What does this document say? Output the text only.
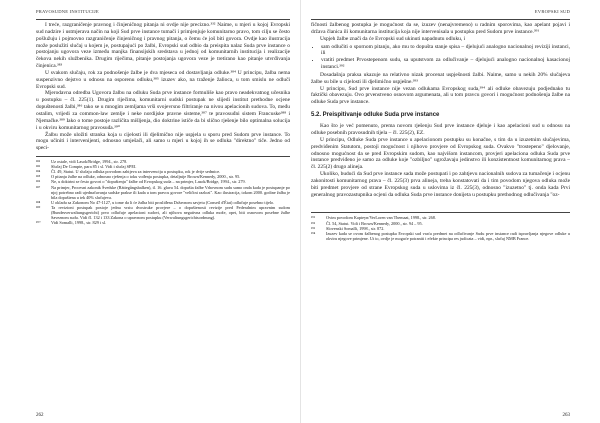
PRAVOSUDNE INSTITUCIJE

I treće, razgraničenje pravnog i činjeničnog pitanja ni ovdje nije precizno.³³² Naime, u mjeri u kojoj Evropski sud nadzire i ustmjerava način na koji Sud prve instance tumači i primjenjuje komunitarno pravo, tom cilju se često pošlužuju i pojmovno razgraničenje činjeničnog i pravnog pitanja, o čemu će još biti govora. Ovdje kao ilustracija može poslužiti slučaj u kojem je, postupajući po žalbi, Evropski sud odbio da preispita nalaz Suda prve instance o postojanju ugovora veze između manjka finansijskih sredstava u jednoj od komunitarnih institucija i realizacije čekova nekih službenika. Drugim riječima, pitanje postojanja ugovora veze je tretirano kao pitanje utvrđivanja činjenica.³⁸³

U svakom slučaju, rok za podnošenje žalbe je dva mjeseca od dostavljanja odluke.³⁸⁴ U principu, žalba nema suspenzivno dejstvo u odnosu na osporenu odluku,³⁸⁵ izuzev ako, na traženje žalioca, u tom smislu ne odluči Evropski sud.

Mjerodavna odredba Ugovora žalbu na odluku Suda prve instance formuliše kao pravo neadekvatnog učesnika u postupku – čl. 225(1). Drugim riječima, komunitarni sudski postupak ne slijedi institut prethodne ocjene dopuštenosti žalbi,³⁸⁶ tako se u mnogim zemljama vrši svojevrsno filtriranje na nivou apelacionih sudova. To, među ostalim, vrijedi za common-law zemlje i neke nordijske pravne sisteme,³⁸⁷ te pravosuđni sistem Francuske³⁸⁸ i Njemačke.³⁸⁹ Iako o tome postoje različita mišljenja, dio doktrine ističe da bi slično rješenje bilo optimalna solucija i u okviru komunitarnog pravosuđa.³⁹⁰

Žalbu može uložiti stranka koja u cijelosti ili djelimično nije uspjela u sporu pred Sudom prve instance. To mogu učiniti i intervenijenti, odnosno umješači, ali samo u mjeri u kojoj ih se odluka "direktno" tiče. Jedno od speci-

³⁸²	Uz ostale, vidi Lasok/Bridge, 1994., str. 278.
³⁸³	Slučaj De Compte, para 85 i sl. Vidi i slučaj SPEI.
³⁸⁴	Čl. 49, Statut. U slučaju odluka povodom zahtjeva za intervenciju u postupku, rok je dvije sedmice.
³⁸⁵	O pitanju žalbe na odluke, odnosno rješenja o toku vođenja postupka, detaljnije Brown/Kennedy, 2000., str. 95.
³⁸⁶	Ne, u doktrini se često govori o "dopuštenju" žalbe od Evropskog suda – na primjer, Lasok/Bridge, 1994., str. 279.
³⁸⁷	Na primjer, Procesni zakonik Švedske (Rättegångsbalken), tl. 16. glava 54. dopušta žalbe Vrhovnom sudu samo onda kada je postupanje po njoj potrebno radi ujednačavanja sudske prakse ili kada u tom pravcu govore "veličini razlozi". Kao ilustracija, tokom 2000. godine žalba je bila dopuštena u tek 40% slučajeva.
³⁸⁸	U okladu sa Zakonom No 47-1127, u tome da li će žalba biti prosliđena Državnom savjetu (Conseil d'État) odlučuje posebno tijelo.
³⁸⁹	Ta revizioni postupak postoje jednu vrstu dvostruke provjere – o dopuštenosti revizije pred Federalnim upravnim sudom (Bundesverwaltungsgericht) prvo odlučuje apelacioni sudovi, ali njihova negativna odluka može, opet, biti osnovom posebne žalbe Saveznom sudu. Vidi čl. 132 i 133 Zakona o upravnom postupku (Verwaltungsgerichtsordnung).
³⁹⁰	Vidi Somalli, 1998., str. 829 i sl.
262
EVROPSKI SUD

fičnosti žalbenog postupka je mogućnost da se, izuzev (nenajvremeno) u radnim sporovima, kao apelant pojavi i država članica ili komunitarna institucija koja nije intervenisala u postupku pred Sudom prve instance.³⁹¹

Uspjeh žalbe znači da će Evropski sud ukinuti napadnutu odluku, i

• sam odlučiti o spornom pitanju, ako mu to dopušta stanje spisa – djelujući analogno nacionalnoj reviziji instanci, ili
• vratiti predmet Prvostepenom sudu, sa uputstvom za odlučivanje – djelujući analogno nacionalnoj kasacionoj instanci.³⁹²

Dosadašnja praksa ukazuje na relativno nizak procenat uspješnosti žalbi. Naime, samo u nekih 20% slučajeva žalbe su bile u cijelosti ili djelimično uspješne.³⁹³

U principu, Sud prve instance nije vezan odlukama Evropskog suda,³⁹⁴ ali odluke obavezuju podjednako tu faktički obavezuju. Ovo prvenstveno osnovom argumenata, ali u tom pravcu govori i mogućnost podnošenja žalbe na odluke Suda prve instance.

5.2. Preispitivanje odluke Suda prve instance

Kao što je već pomenuto, prema novom rješenju Sud prve instance djeluje i kao apelacioni sud u odnosu na odluke posebnih pravosudnih tijela – čl. 225(2), EZ.

U principu, Odluke Suda prve instance u apelacionom postupku su konačne, s tim da u izuzetnim slučajevima, predviđenim Statutom, postoji mogućnost i njihovo provjere od Evropskog suda. Ovakvo "trostepeno" djelovanje, odnosno mogućnost da se pred Evropskim sudom, kao najvišom instancom, provjeri apelaciona odluka Suda prve instance predviđeno je samo za odluke koje "ozbiljno" ugrožavaju jedinstvo ili konzistentnost komunitarnog prava – čl. 225(2) drugo alineja.

Ukoliko, budući da Sud prve instance sada može postupati i po zahtjevu nacionalnih sudova za tumačenje i ocjenu zakonitosti komunitarnog prava – čl. 225(3) prva alineja, treba konstatovati da i tim povodom njegova odluka može biti predmet provjere od strane Evropskog suda u uslovima iz čl. 225(3), odnosno "izuzetno" tj. onda kada Prvi generalnog pravozastupnika ocjeni da odluka Suda prve instance donijeta u postupku prethodnog odlučivanja "oz-

³⁹¹	Ovim povodom Kapteyn/VerLoren van Themaat, 1998., str. 268.
³⁹²	Čl. 54, Statut. Vidi i Brown/Kennedy, 2000., str. 94 – 95.
³⁹³	Slovenski Somalli, 1998., str. 872.
³⁹⁴	Izuzev kada se ovom žalbenog postupka Evropski sud vraća predmet na odlučivanje Sudu prve instance radi ispravljanja njegove odluke u okviru njegove primjene. Ut to, ovdje je moguće potraniti i efekte principa res judicata – vidi, npr., slučaj NMB France.
263
